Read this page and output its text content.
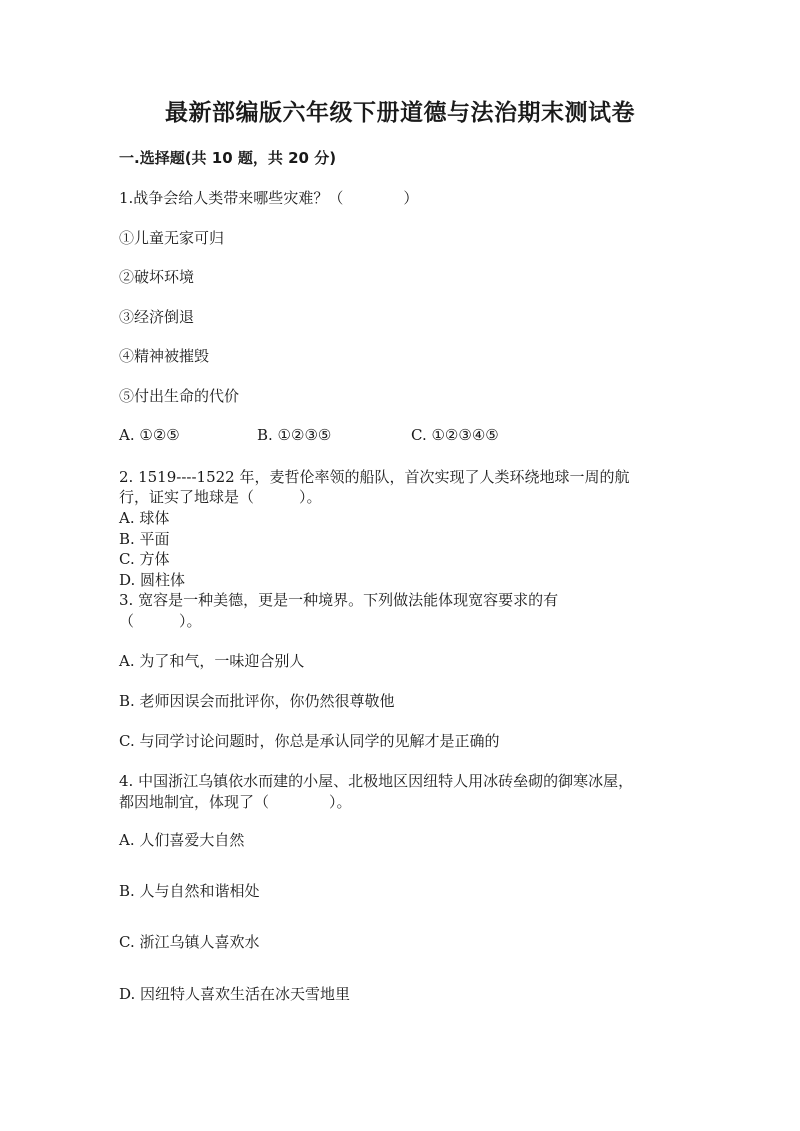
最新部编版六年级下册道德与法治期末测试卷
一.选择题(共 10 题，共 20 分)
1.战争会给人类带来哪些灾难？（　　　　）
①儿童无家可归
②破坏环境
③经济倒退
④精神被摧毁
⑤付出生命的代价
A. ①②⑤	B. ①②③⑤	C. ①②③④⑤
2. 1519----1522 年，麦哲伦率领的船队，首次实现了人类环绕地球一周的航
行，证实了地球是（　　　）。
A. 球体
B. 平面
C. 方体
D. 圆柱体
3. 宽容是一种美德，更是一种境界。下列做法能体现宽容要求的有
（　　　）。
A. 为了和气，一味迎合别人
B. 老师因误会而批评你，你仍然很尊敬他
C. 与同学讨论问题时，你总是承认同学的见解才是正确的
4. 中国浙江乌镇依水而建的小屋、北极地区因纽特人用冰砖垒砌的御寒冰屋，
都因地制宜，体现了（　　　　）。
A. 人们喜爱大自然
B. 人与自然和谐相处
C. 浙江乌镇人喜欢水
D. 因纽特人喜欢生活在冰天雪地里
